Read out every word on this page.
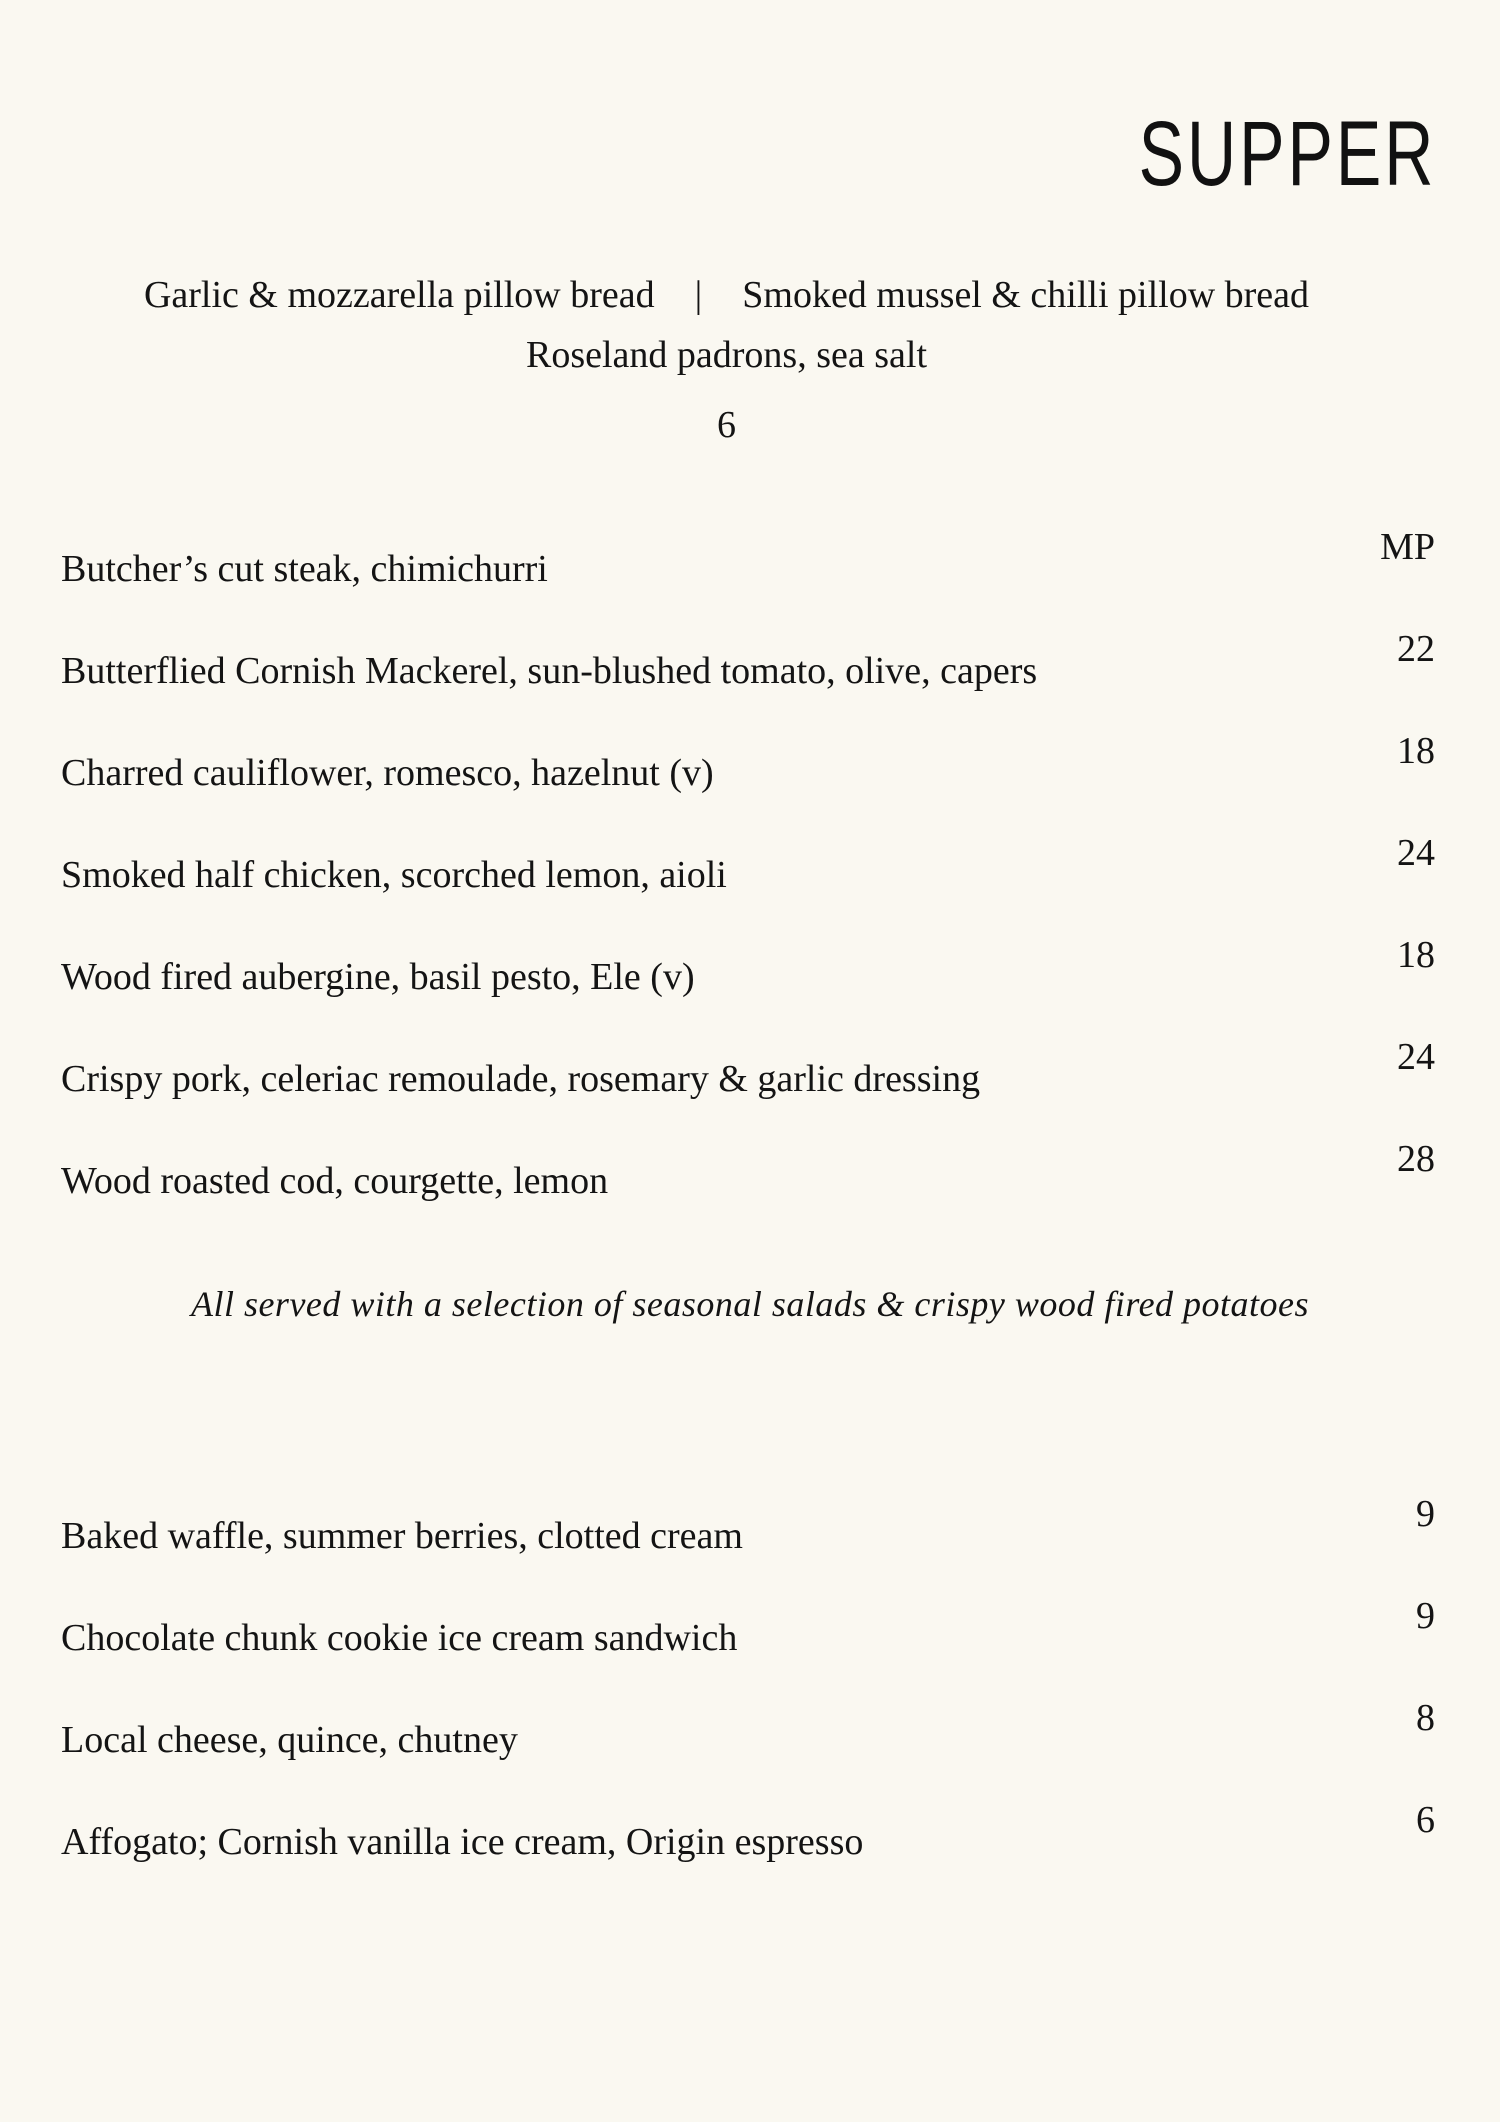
SUPPER
Garlic & mozzarella pillow bread | Smoked mussel & chilli pillow bread
Roseland padrons, sea salt
6
Butcher’s cut steak, chimichurri
MP
Butterflied Cornish Mackerel, sun-blushed tomato, olive, capers
22
Charred cauliflower, romesco, hazelnut (v)
18
Smoked half chicken, scorched lemon, aioli
24
Wood fired aubergine, basil pesto, Ele (v)
18
Crispy pork, celeriac remoulade, rosemary & garlic dressing
24
Wood roasted cod, courgette, lemon
28
All served with a selection of seasonal salads & crispy wood fired potatoes
Baked waffle, summer berries, clotted cream
9
Chocolate chunk cookie ice cream sandwich
9
Local cheese, quince, chutney
8
Affogato; Cornish vanilla ice cream, Origin espresso
6
